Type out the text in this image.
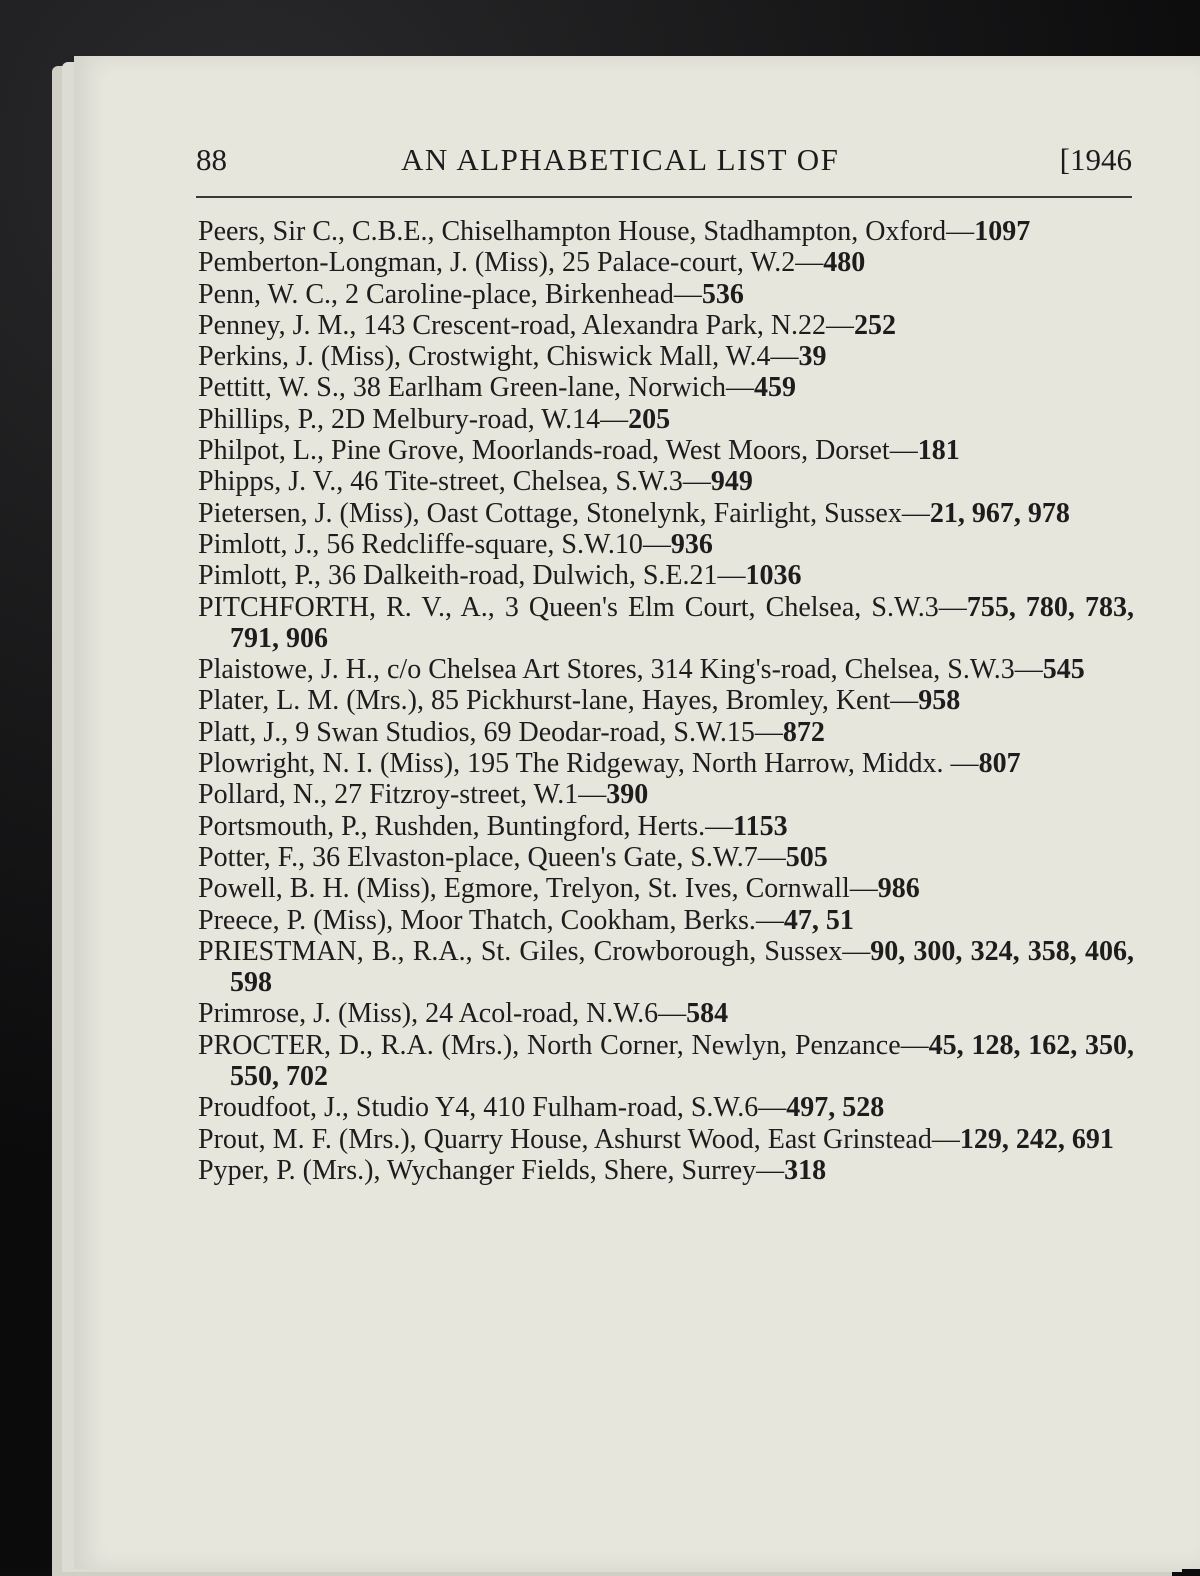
88	AN ALPHABETICAL LIST OF	[1946
Peers, Sir C., C.B.E., Chiselhampton House, Stadhampton, Oxford—1097
Pemberton-Longman, J. (Miss), 25 Palace-court, W.2—480
Penn, W. C., 2 Caroline-place, Birkenhead—536
Penney, J. M., 143 Crescent-road, Alexandra Park, N.22—252
Perkins, J. (Miss), Crostwight, Chiswick Mall, W.4—39
Pettitt, W. S., 38 Earlham Green-lane, Norwich—459
Phillips, P., 2D Melbury-road, W.14—205
Philpot, L., Pine Grove, Moorlands-road, West Moors, Dorset—181
Phipps, J. V., 46 Tite-street, Chelsea, S.W.3—949
Pietersen, J. (Miss), Oast Cottage, Stonelynk, Fairlight, Sussex—21, 967, 978
Pimlott, J., 56 Redcliffe-square, S.W.10—936
Pimlott, P., 36 Dalkeith-road, Dulwich, S.E.21—1036
PITCHFORTH, R. V., A., 3 Queen's Elm Court, Chelsea, S.W.3—755, 780, 783, 791, 906
Plaistowe, J. H., c/o Chelsea Art Stores, 314 King's-road, Chelsea, S.W.3—545
Plater, L. M. (Mrs.), 85 Pickhurst-lane, Hayes, Bromley, Kent—958
Platt, J., 9 Swan Studios, 69 Deodar-road, S.W.15—872
Plowright, N. I. (Miss), 195 The Ridgeway, North Harrow, Middx. —807
Pollard, N., 27 Fitzroy-street, W.1—390
Portsmouth, P., Rushden, Buntingford, Herts.—1153
Potter, F., 36 Elvaston-place, Queen's Gate, S.W.7—505
Powell, B. H. (Miss), Egmore, Trelyon, St. Ives, Cornwall—986
Preece, P. (Miss), Moor Thatch, Cookham, Berks.—47, 51
PRIESTMAN, B., R.A., St. Giles, Crowborough, Sussex—90, 300, 324, 358, 406, 598
Primrose, J. (Miss), 24 Acol-road, N.W.6—584
PROCTER, D., R.A. (Mrs.), North Corner, Newlyn, Penzance—45, 128, 162, 350, 550, 702
Proudfoot, J., Studio Y4, 410 Fulham-road, S.W.6—497, 528
Prout, M. F. (Mrs.), Quarry House, Ashurst Wood, East Grinstead—129, 242, 691
Pyper, P. (Mrs.), Wychanger Fields, Shere, Surrey—318
